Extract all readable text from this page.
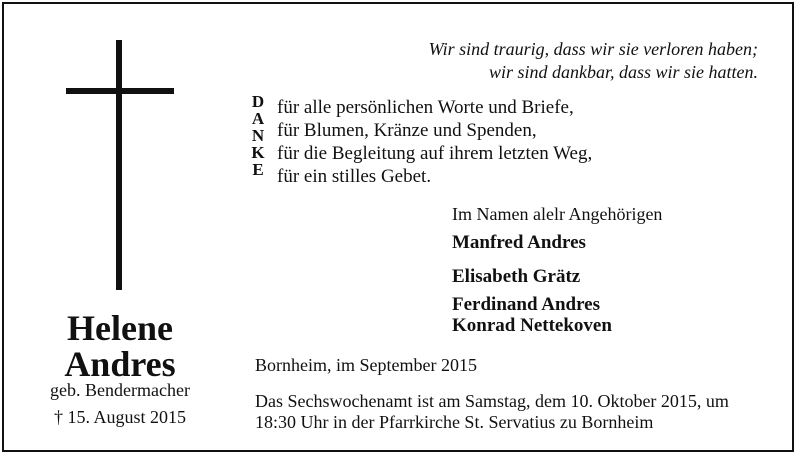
Helene
Andres
geb. Bendermacher
† 15. August 2015
Wir sind traurig, dass wir sie verloren haben;
wir sind dankbar, dass wir sie hatten.
D
A
N
K
E
für alle persönlichen Worte und Briefe,
für Blumen, Kränze und Spenden,
für die Begleitung auf ihrem letzten Weg,
für ein stilles Gebet.
Im Namen alelr Angehörigen
Manfred Andres
Elisabeth Grätz
Ferdinand Andres
Konrad Nettekoven
Bornheim, im September 2015
Das Sechswochenamt ist am Samstag, dem 10. Oktober 2015, um
18:30 Uhr in der Pfarrkirche St. Servatius zu Bornheim
